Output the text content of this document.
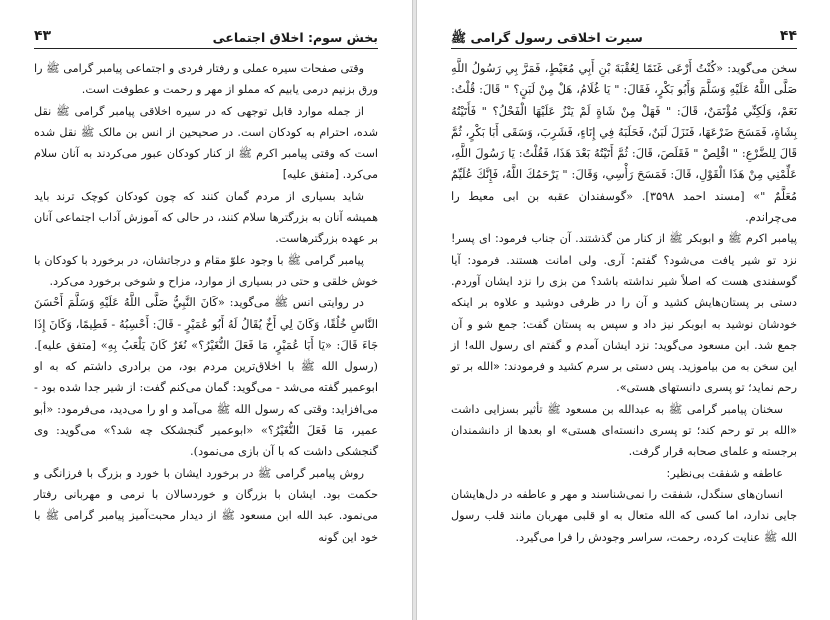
بخش سوم: اخلاق اجتماعی
۴۳

وقتی صفحات سیره عملی و رفتار فردی و اجتماعی پیامبر گرامی ﷺ را ورق بزنیم درمی یابیم که مملو از مهر و رحمت و عطوفت است.

از جمله موارد قابل توجهی که در سیره اخلاقی پیامبر گرامی ﷺ نقل شده، احترام به کودکان است. در صحیحین از انس بن مالک ﷺ نقل شده است که وقتی پیامبر اکرم ﷺ از کنار کودکان عبور می‌کردند به آنان سلام می‌کرد. [متفق علیه]

شاید بسیاری از مردم گمان کنند که چون کودکان کوچک ترند باید همیشه آنان به بزرگترها سلام کنند، در حالی که آموزش آداب اجتماعی آنان بر عهده بزرگترهاست.

پیامبر گرامی ﷺ با وجود علوّ مقام و درجاتشان، در برخورد با کودکان با خوش خلقی و حتی در بسیاری از موارد، مزاح و شوخی برخورد می‌کرد.

در روایتی انس ﷺ می‌گوید: «كَانَ النَّبِيُّ صَلَّى اللَّهُ عَلَيْهِ وَسَلَّمَ أَحْسَنَ النَّاسِ خُلُقًا، وَكَانَ لِي أَخٌ يُقَالُ لَهُ أَبُو عُمَيْرٍ - قَالَ: أَحْسِبُهُ - فَطِيمًا، وَكَانَ إِذَا جَاءَ قَالَ: «يَا أَبَا عُمَيْرٍ، مَا فَعَلَ النُّغَيْرُ؟» نُغَرٌ كَانَ يَلْعَبُ بِهِ» [متفق علیه]. (رسول الله ﷺ با اخلاق‌ترین مردم بود، من برادری داشتم که به او ابوعمیر گفته می‌شد - می‌گوید: گمان می‌کنم گفت: از شیر جدا شده بود - می‌افزاید: وقتی که رسول الله ﷺ می‌آمد و او را می‌دید، می‌فرمود: «أبو عمير، مَا فَعَلَ النُّغَيْرُ؟» «ابوعمیر گنجشکک چه شد؟» می‌گوید: وی گنجشکی داشت که با آن بازی می‌نمود).

روش پیامبر گرامی ﷺ در برخورد ایشان با خورد و بزرگ با فرزانگی و حکمت بود. ایشان با بزرگان و خوردسالان با نرمی و مهربانی رفتار می‌نمود. عبد الله ابن مسعود ﷺ از دیدار محبت‌آمیز پیامبر گرامی ﷺ با خود این گونه

سیرت اخلاقی رسول گرامی ﷺ	۴۴

سخن می‌گوید: «كُنْتُ أَرْعَى غَنَمًا لِعُقْبَةَ بْنِ أَبِي مُعَيْطٍ، فَمَرَّ بِي رَسُولُ اللَّهِ صَلَّى اللَّهُ عَلَيْهِ وَسَلَّمَ وَأَبُو بَكْرٍ، فَقَالَ: " يَا غُلَامُ، هَلْ مِنْ لَبَنٍ؟ " قَالَ: قُلْتُ: نَعَمْ، وَلَكِنِّي مُؤْتَمَنٌ، قَالَ: " فَهَلْ مِنْ شَاةٍ لَمْ يَنْزُ عَلَيْهَا الْفَحْلُ؟ " فَأَتَيْتُهُ بِشَاةٍ، فَمَسَحَ ضَرْعَهَا، فَنَزَلَ لَبَنٌ، فَحَلَبَهُ فِي إِنَاءٍ، فَشَرِبَ، وَسَقَى أَبَا بَكْرٍ، ثُمَّ قَالَ لِلضَّرْعِ: " اقْلِصْ " فَقَلَصَ، قَالَ: ثُمَّ أَتَيْتُهُ بَعْدَ هَذَا، فَقُلْتُ: يَا رَسُولَ اللَّهِ، عَلِّمْنِي مِنْ هَذَا الْقَوْلِ، قَالَ: فَمَسَحَ رَأْسِي، وَقَالَ: " يَرْحَمُكَ اللَّهُ، فَإِنَّكَ عُلَيِّمٌ مُعَلَّمٌ "» [مسند احمد ۳۵۹۸]. «گوسفندان عقبه بن ابی معیط را می‌چراندم.

پیامبر اکرم ﷺ و ابوبکر ﷺ از کنار من گذشتند. آن جناب فرمود: ای پسر! نزد تو شیر یافت می‌شود؟ گفتم: آری. ولی امانت هستند. فرمود: آیا گوسفندی هست که اصلاً شیر نداشته باشد؟ من بزی را نزد ایشان آوردم. دستی بر پستان‌هایش کشید و آن را در ظرفی دوشید و علاوه بر اینکه خودشان نوشید به ابوبکر نیز داد و سپس به پستان گفت: جمع شو و آن جمع شد. ابن مسعود می‌گوید: نزد ایشان آمدم و گفتم ای رسول الله! از این سخن به من بیاموزید. پس دستی بر سرم کشید و فرمودند: «الله بر تو رحم نماید؛ تو پسری دانستهای هستی».

سخنان پیامبر گرامی ﷺ به عبدالله بن مسعود ﷺ تأثیر بسزایی داشت «الله بر تو رحم کند؛ تو پسری دانسته‌ای هستی» او بعدها از دانشمندان برجسته و علمای صحابه قرار گرفت.

عاطفه و شفقت بی‌نظیر:

انسان‌های سنگدل، شفقت را نمی‌شناسند و مهر و عاطفه در دل‌هایشان جایی ندارد، اما کسی که الله متعال به او قلبی مهربان مانند قلب رسول الله ﷺ عنایت کرده، رحمت، سراسر وجودش را فرا می‌گیرد.
